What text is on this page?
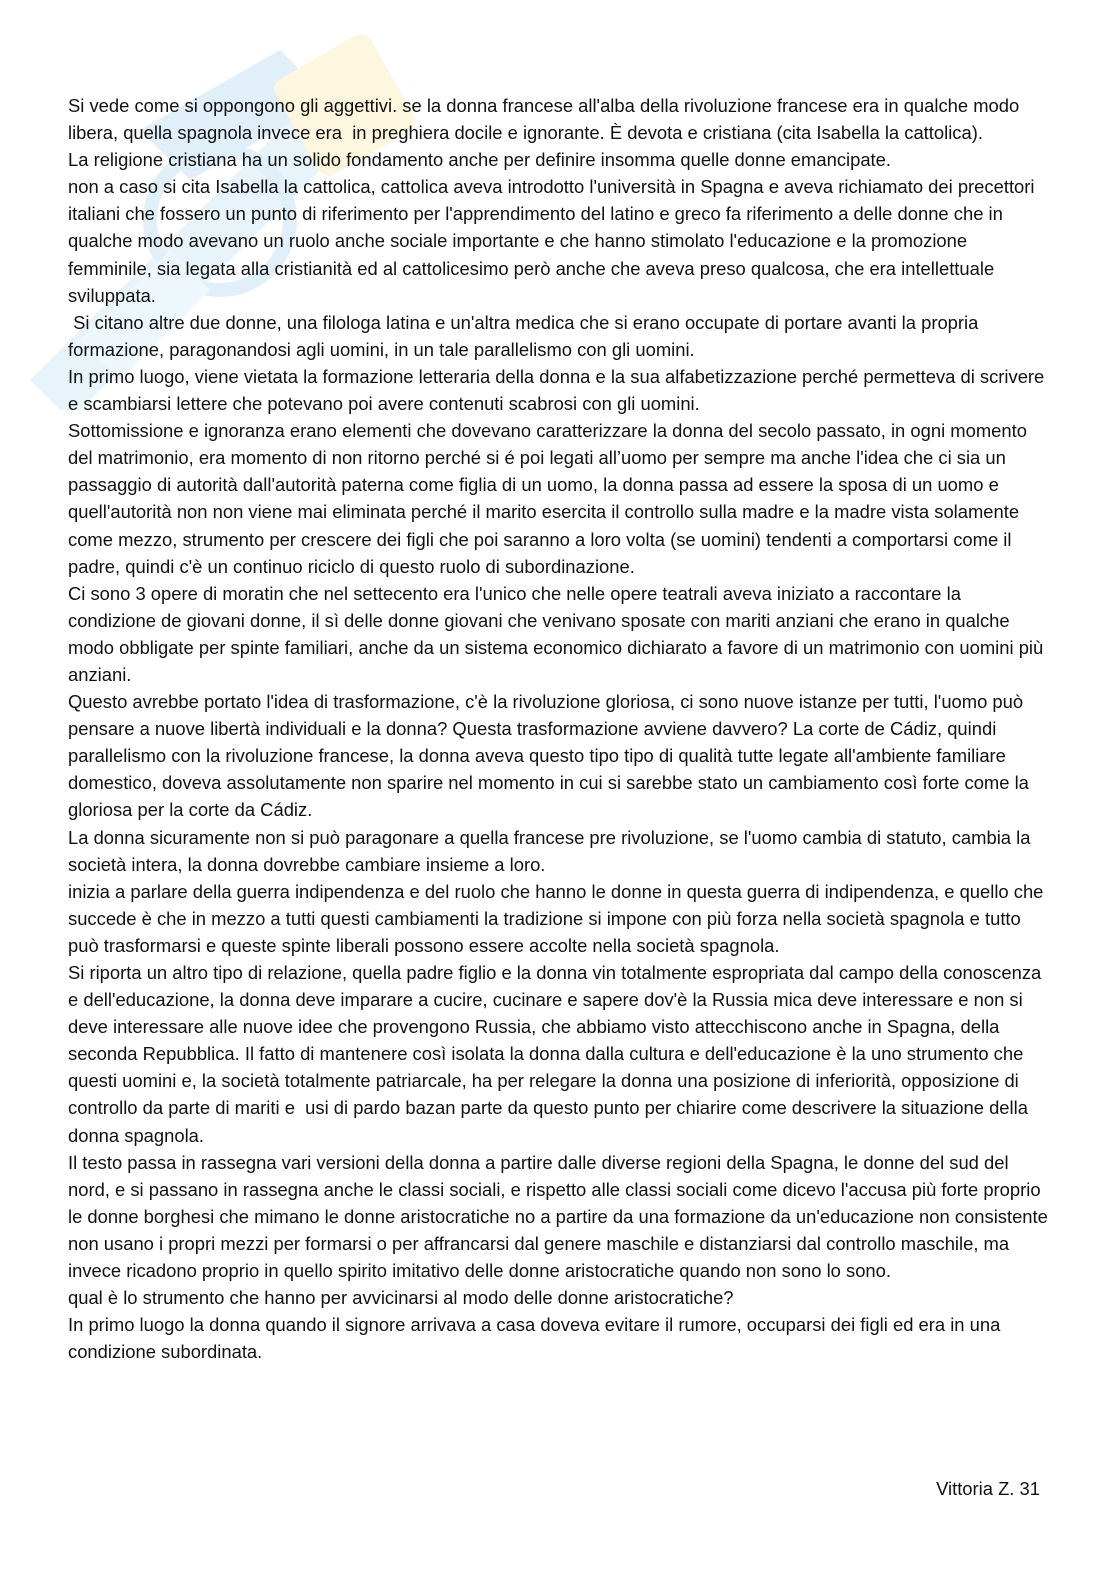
Si vede come si oppongono gli aggettivi. se la donna francese all'alba della rivoluzione francese era in qualche modo libera, quella spagnola invece era  in preghiera docile e ignorante. È devota e cristiana (cita Isabella la cattolica).

La religione cristiana ha un solido fondamento anche per definire insomma quelle donne emancipate.

non a caso si cita Isabella la cattolica, cattolica aveva introdotto l'università in Spagna e aveva richiamato dei precettori italiani che fossero un punto di riferimento per l'apprendimento del latino e greco fa riferimento a delle donne che in qualche modo avevano un ruolo anche sociale importante e che hanno stimolato l'educazione e la promozione femminile, sia legata alla cristianità ed al cattolicesimo però anche che aveva preso qualcosa, che era intellettuale sviluppata.

Si citano altre due donne, una filologa latina e un'altra medica che si erano occupate di portare avanti la propria formazione, paragonandosi agli uomini, in un tale parallelismo con gli uomini.

In primo luogo, viene vietata la formazione letteraria della donna e la sua alfabetizzazione perché permetteva di scrivere e scambiarsi lettere che potevano poi avere contenuti scabrosi con gli uomini.

Sottomissione e ignoranza erano elementi che dovevano caratterizzare la donna del secolo passato, in ogni momento del matrimonio, era momento di non ritorno perché si é poi legati all’uomo per sempre ma anche l'idea che ci sia un passaggio di autorità dall'autorità paterna come figlia di un uomo, la donna passa ad essere la sposa di un uomo e quell'autorità non non viene mai eliminata perché il marito esercita il controllo sulla madre e la madre vista solamente come mezzo, strumento per crescere dei figli che poi saranno a loro volta (se uomini) tendenti a comportarsi come il padre, quindi c'è un continuo riciclo di questo ruolo di subordinazione.

Ci sono 3 opere di moratin che nel settecento era l'unico che nelle opere teatrali aveva iniziato a raccontare la condizione de giovani donne, il sì delle donne giovani che venivano sposate con mariti anziani che erano in qualche modo obbligate per spinte familiari, anche da un sistema economico dichiarato a favore di un matrimonio con uomini più anziani.

Questo avrebbe portato l'idea di trasformazione, c'è la rivoluzione gloriosa, ci sono nuove istanze per tutti, l'uomo può pensare a nuove libertà individuali e la donna? Questa trasformazione avviene davvero? La corte de Cádiz, quindi parallelismo con la rivoluzione francese, la donna aveva questo tipo tipo di qualità tutte legate all'ambiente familiare domestico, doveva assolutamente non sparire nel momento in cui si sarebbe stato un cambiamento così forte come la gloriosa per la corte da Cádiz.

La donna sicuramente non si può paragonare a quella francese pre rivoluzione, se l'uomo cambia di statuto, cambia la società intera, la donna dovrebbe cambiare insieme a loro.

inizia a parlare della guerra indipendenza e del ruolo che hanno le donne in questa guerra di indipendenza, e quello che succede è che in mezzo a tutti questi cambiamenti la tradizione si impone con più forza nella società spagnola e tutto può trasformarsi e queste spinte liberali possono essere accolte nella società spagnola.

Si riporta un altro tipo di relazione, quella padre figlio e la donna vin totalmente espropriata dal campo della conoscenza e dell'educazione, la donna deve imparare a cucire, cucinare e sapere dov'è la Russia mica deve interessare e non si deve interessare alle nuove idee che provengono Russia, che abbiamo visto attecchiscono anche in Spagna, della seconda Repubblica. Il fatto di mantenere così isolata la donna dalla cultura e dell'educazione è la uno strumento che questi uomini e, la società totalmente patriarcale, ha per relegare la donna una posizione di inferiorità, opposizione di controllo da parte di mariti e  usi di pardo bazan parte da questo punto per chiarire come descrivere la situazione della donna spagnola.

Il testo passa in rassegna vari versioni della donna a partire dalle diverse regioni della Spagna, le donne del sud del nord, e si passano in rassegna anche le classi sociali, e rispetto alle classi sociali come dicevo l'accusa più forte proprio le donne borghesi che mimano le donne aristocratiche no a partire da una formazione da un'educazione non consistente non usano i propri mezzi per formarsi o per affrancarsi dal genere maschile e distanziarsi dal controllo maschile, ma invece ricadono proprio in quello spirito imitativo delle donne aristocratiche quando non sono lo sono.

qual è lo strumento che hanno per avvicinarsi al modo delle donne aristocratiche?

In primo luogo la donna quando il signore arrivava a casa doveva evitare il rumore, occuparsi dei figli ed era in una condizione subordinata.

Vittoria Z. 31
